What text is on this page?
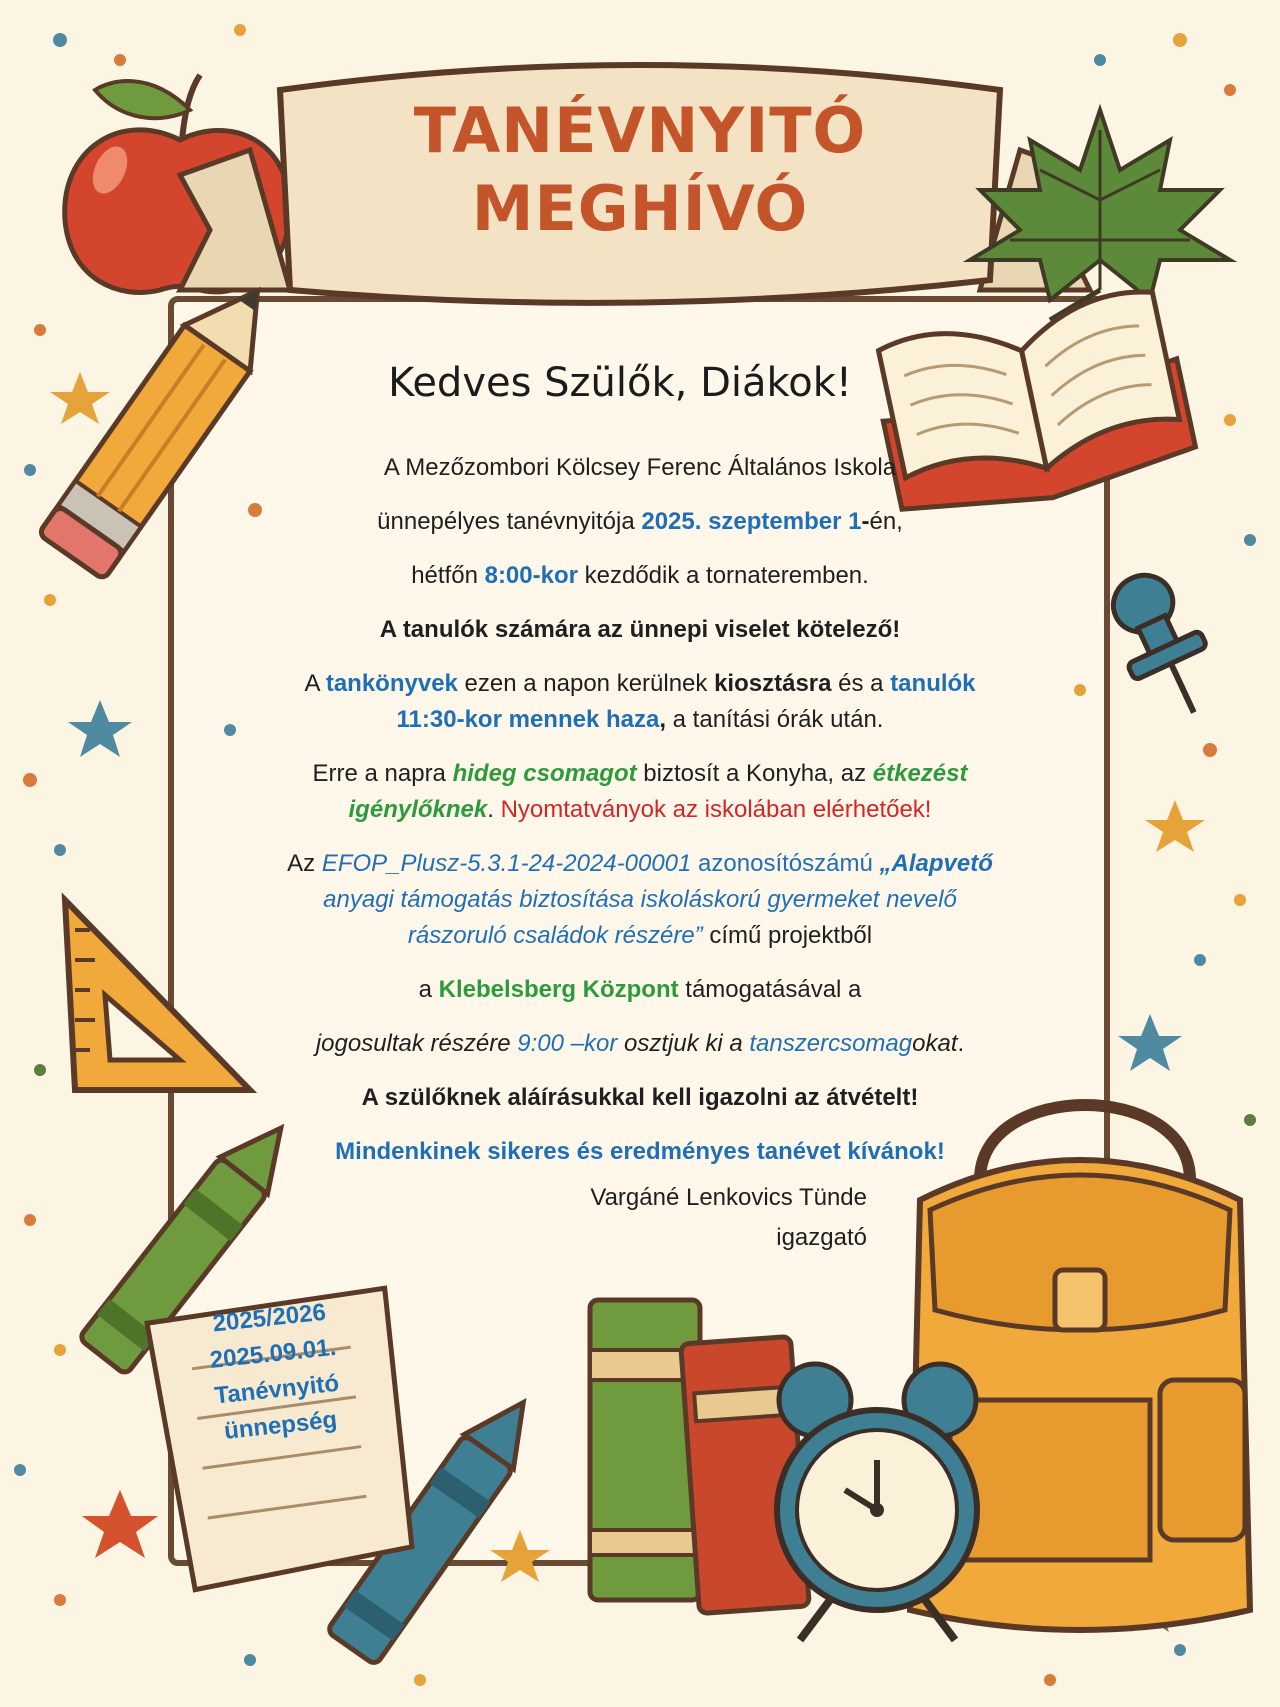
TANÉVNYITÓ
MEGHÍVÓ
Kedves Szülők, Diákok!

A Mezőzombori Kölcsey Ferenc Általános Iskola

ünnepélyes tanévnyitója 2025. szeptember 1-én,

hétfőn 8:00-kor kezdődik a tornateremben.

A tanulók számára az ünnepi viselet kötelező!

A tankönyvek ezen a napon kerülnek kiosztásra és a tanulók

11:30-kor mennek haza, a tanítási órák után.

Erre a napra hideg csomagot biztosít a Konyha, az étkezést

igénylőknek. Nyomtatványok az iskolában elérhetőek!

Az EFOP_Plusz-5.3.1-24-2024-00001 azonosítószámú „Alapvető

anyagi támogatás biztosítása iskoláskorú gyermeket nevelő

rászoruló családok részére” című projektből

a Klebelsberg Központ támogatásával a

jogosultak részére 9:00 –kor osztjuk ki a tanszercsomagokat.

A szülőknek aláírásukkal kell igazolni az átvételt!

Mindenkinek sikeres és eredményes tanévet kívánok!

Vargáné Lenkovics Tünde
igazgató
2025/2026
2025.09.01.
Tanévnyitó
ünnepség
